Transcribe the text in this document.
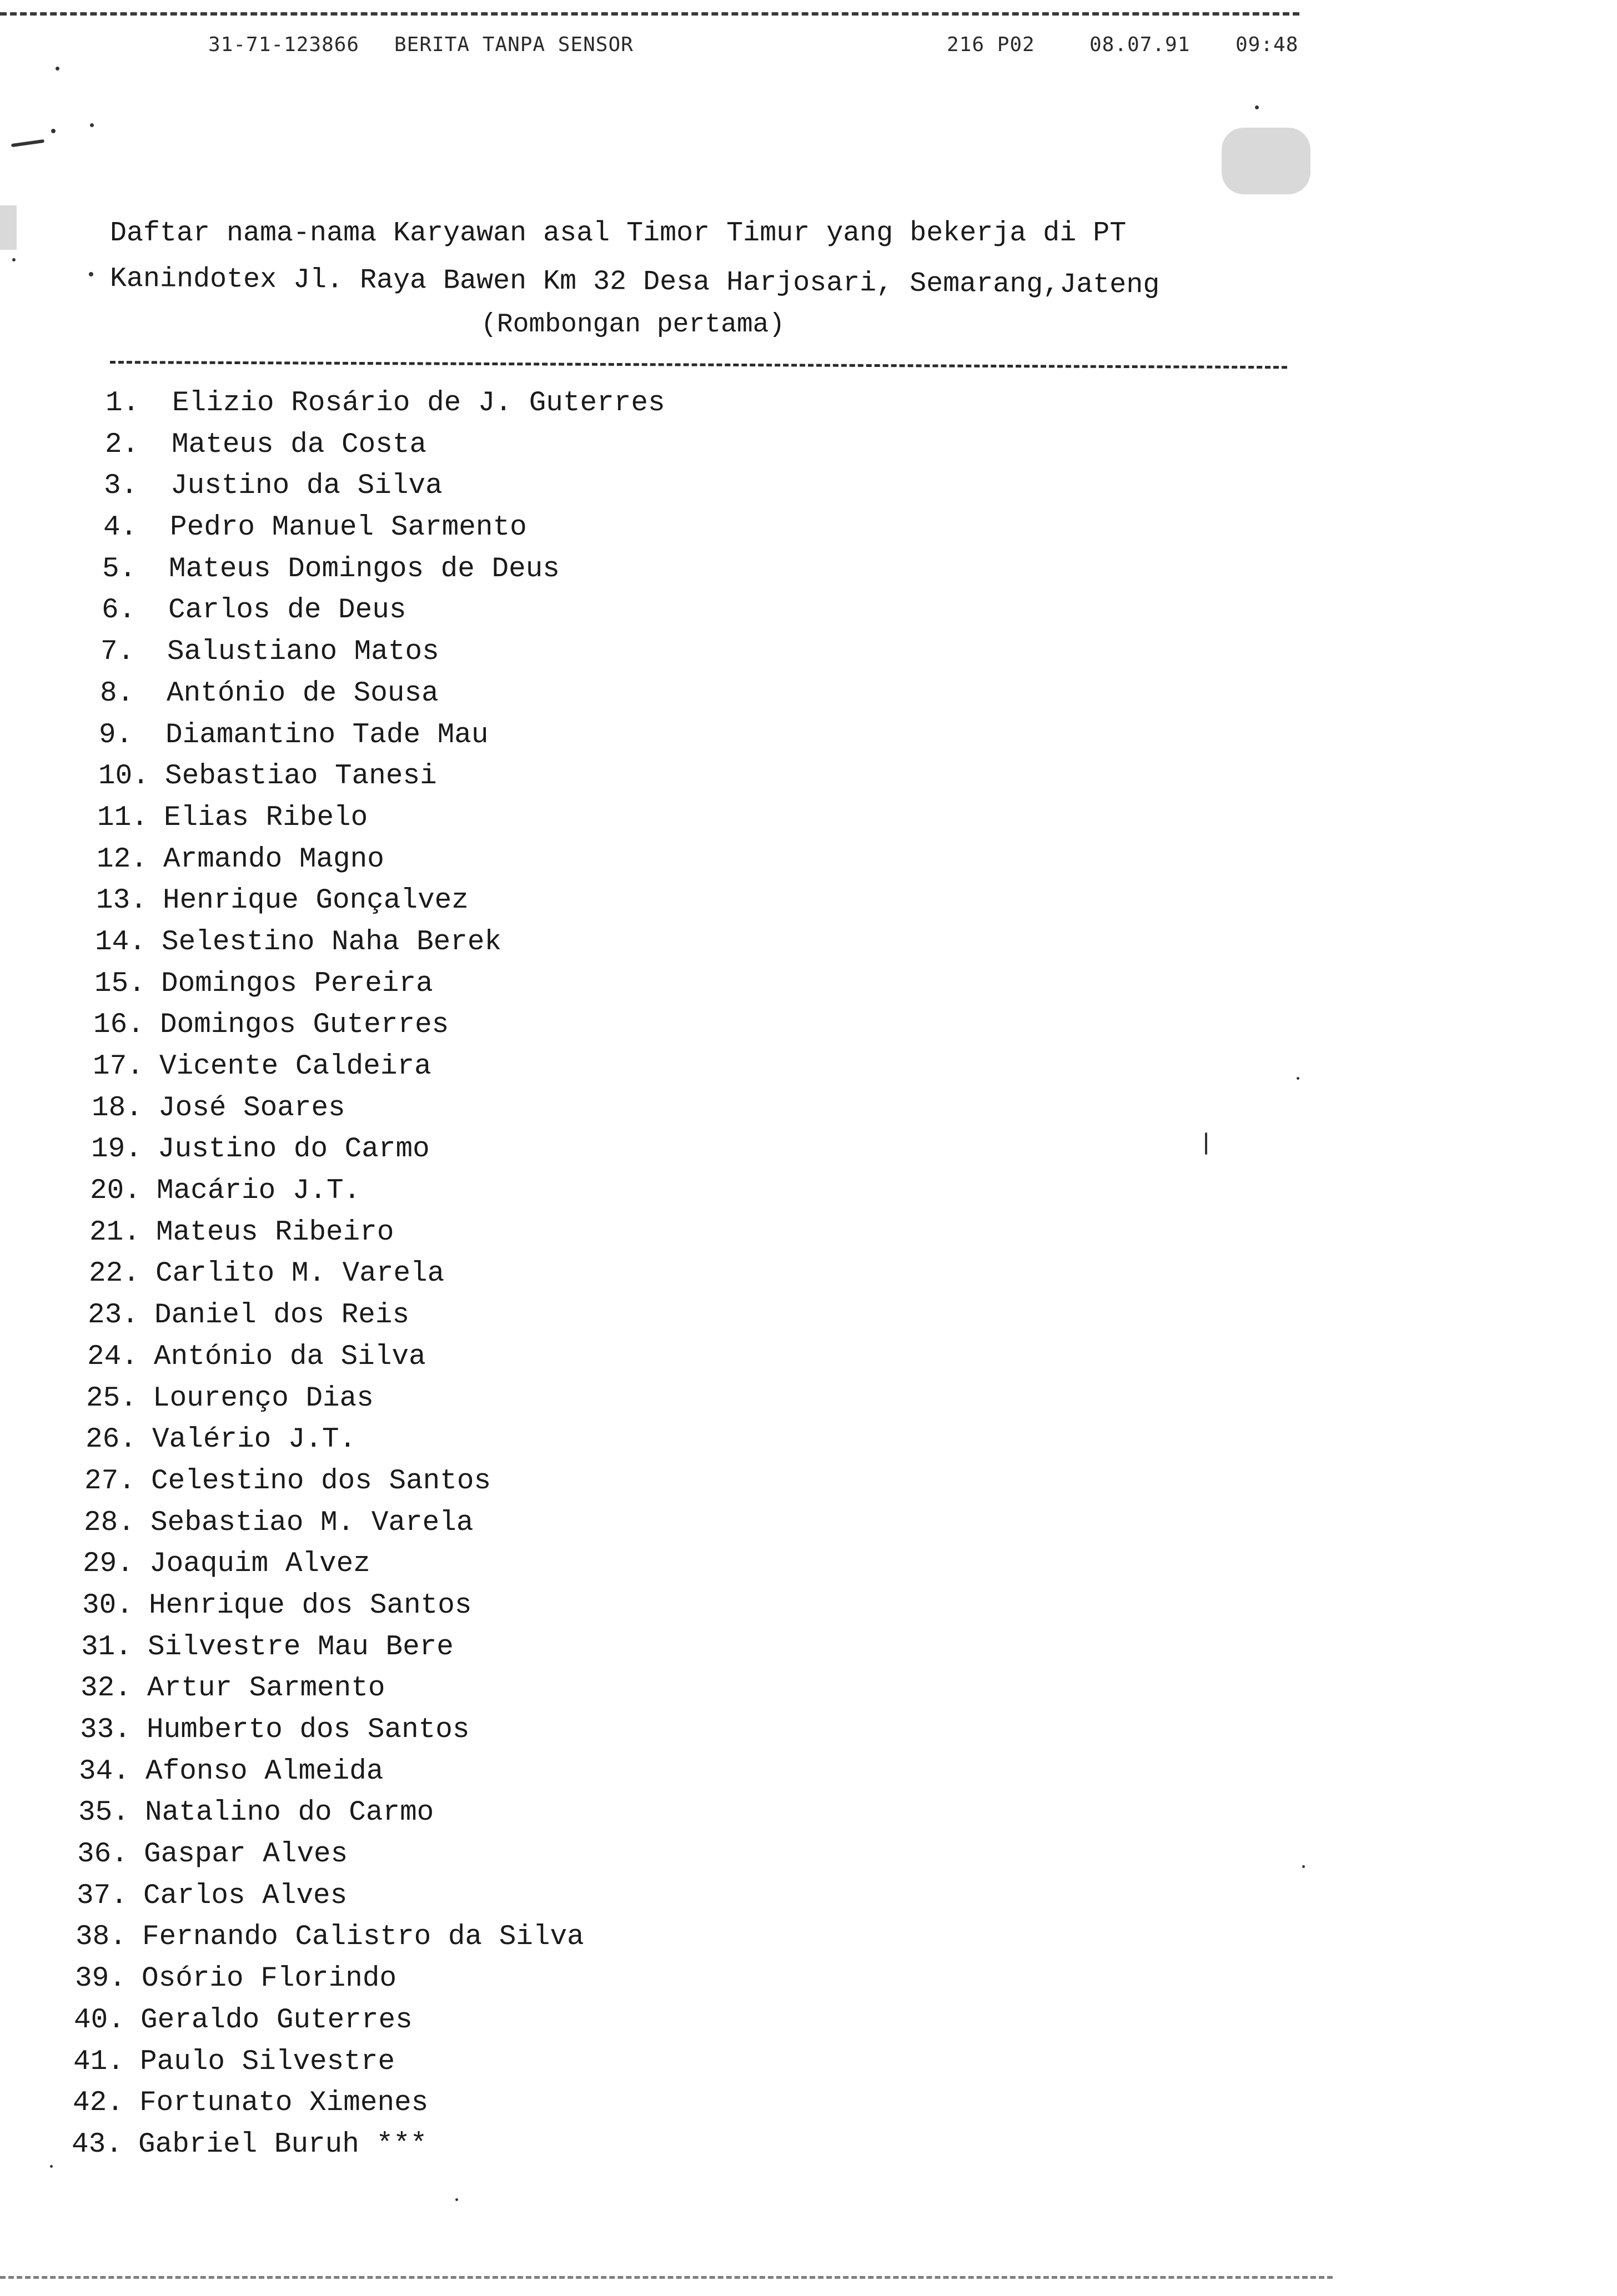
31-71-123866 BERITA TANPA SENSOR	216 P02	08.07.91 09:48
Daftar nama-nama Karyawan asal Timor Timur yang bekerja di PT
Kanindotex Jl. Raya Bawen Km 32 Desa Harjosari, Semarang,Jateng
(Rombongan pertama)
1. Elizio Rosário de J. Guterres
2. Mateus da Costa
3. Justino da Silva
4. Pedro Manuel Sarmento
5. Mateus Domingos de Deus
6. Carlos de Deus
7. Salustiano Matos
8. António de Sousa
9. Diamantino Tade Mau
10. Sebastiao Tanesi
11. Elias Ribelo
12. Armando Magno
13. Henrique Gonçalvez
14. Selestino Naha Berek
15. Domingos Pereira
16. Domingos Guterres
17. Vicente Caldeira
18. José Soares
19. Justino do Carmo
20. Macário J.T.
21. Mateus Ribeiro
22. Carlito M. Varela
23. Daniel dos Reis
24. António da Silva
25. Lourenço Dias
26. Valério J.T.
27. Celestino dos Santos
28. Sebastiao M. Varela
29. Joaquim Alvez
30. Henrique dos Santos
31. Silvestre Mau Bere
32. Artur Sarmento
33. Humberto dos Santos
34. Afonso Almeida
35. Natalino do Carmo
36. Gaspar Alves
37. Carlos Alves
38. Fernando Calistro da Silva
39. Osório Florindo
40. Geraldo Guterres
41. Paulo Silvestre
42. Fortunato Ximenes
43. Gabriel Buruh ***
